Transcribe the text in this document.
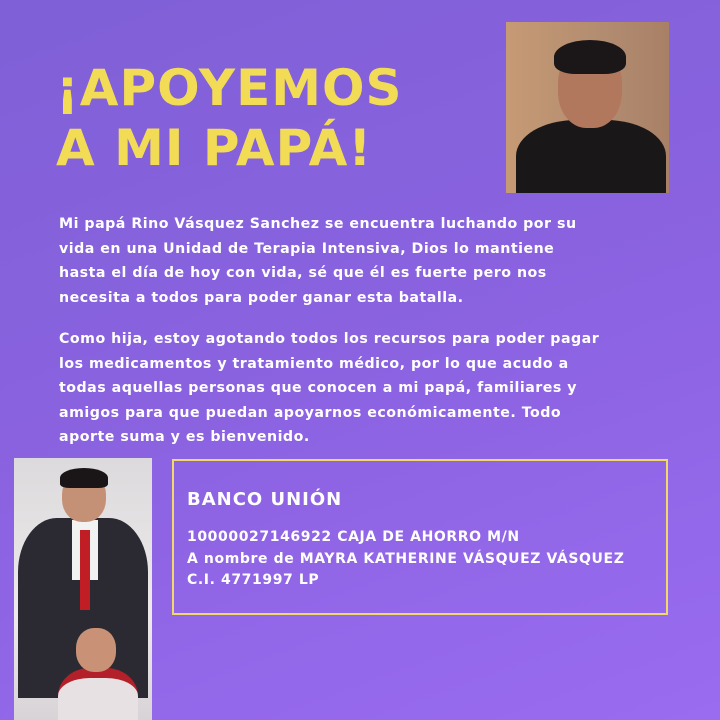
¡APOYEMOS
A MI PAPÁ!

Mi papá Rino Vásquez Sanchez se encuentra luchando por su
vida en una Unidad de Terapia Intensiva, Dios lo mantiene
hasta el día de hoy con vida, sé que él es fuerte pero nos
necesita a todos para poder ganar esta batalla.

Como hija, estoy agotando todos los recursos para poder pagar
los medicamentos y tratamiento médico, por lo que acudo a
todas aquellas personas que conocen a mi papá, familiares y
amigos para que puedan apoyarnos económicamente. Todo
aporte suma y es bienvenido.

BANCO UNIÓN

10000027146922 CAJA DE AHORRO M/N
A nombre de MAYRA KATHERINE VÁSQUEZ VÁSQUEZ
C.I. 4771997 LP
